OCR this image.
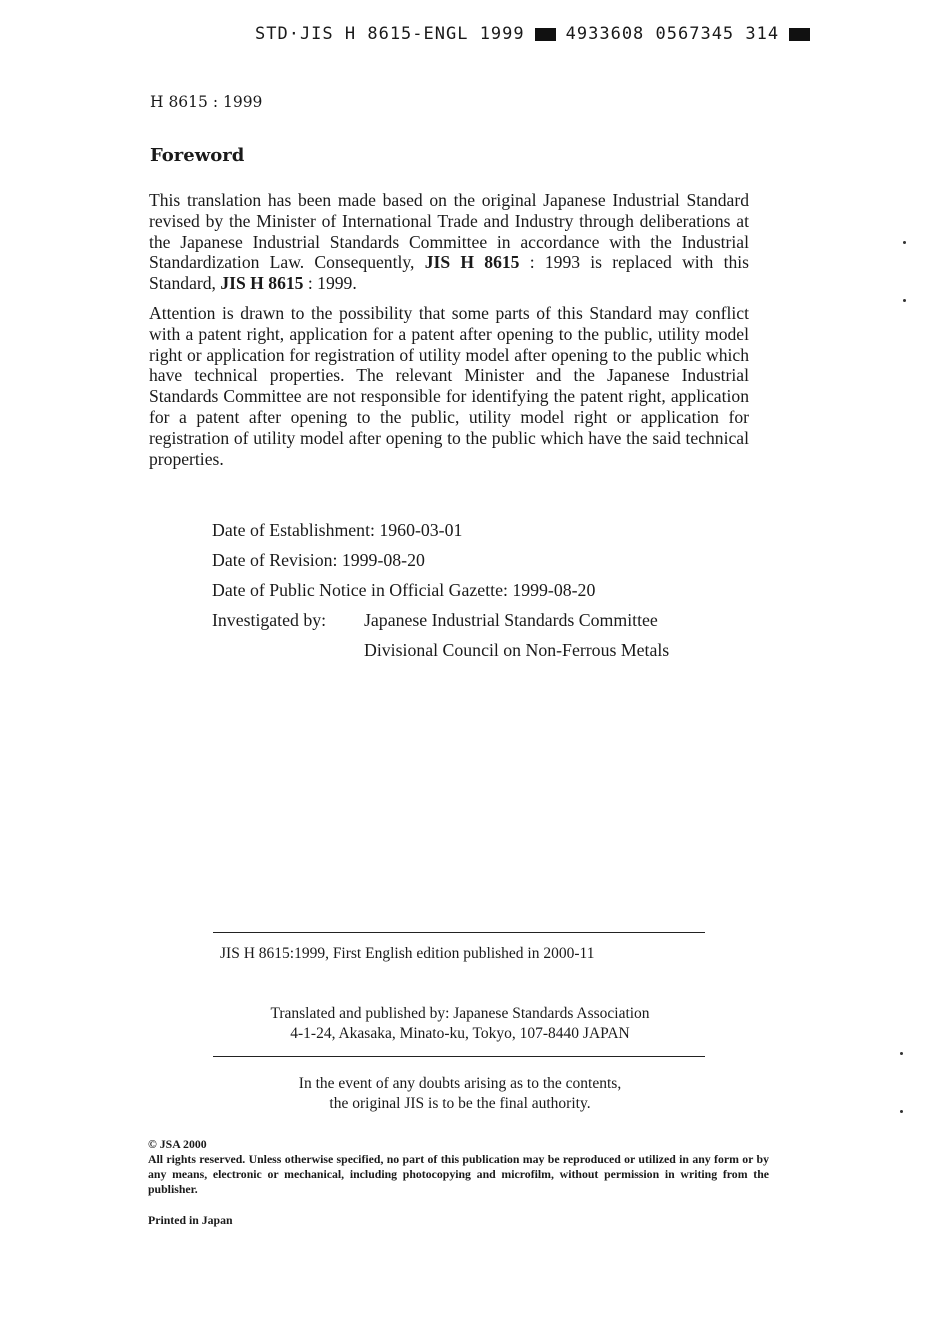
STD·JIS H 8615-ENGL 1999 4933608 0567345 314
H 8615 : 1999
Foreword

This translation has been made based on the original Japanese Industrial Standard revised by the Minister of International Trade and Industry through deliberations at the Japanese Industrial Standards Committee in accordance with the Industrial Standardization Law. Consequently, JIS H 8615 : 1993 is replaced with this Standard, JIS H 8615 : 1999.

Attention is drawn to the possibility that some parts of this Standard may conflict with a patent right, application for a patent after opening to the public, utility model right or application for registration of utility model after opening to the public which have technical properties. The relevant Minister and the Japanese Industrial Standards Committee are not responsible for identifying the patent right, application for a patent after opening to the public, utility model right or application for registration of utility model after opening to the public which have the said technical properties.

Date of Establishment: 1960-03-01
Date of Revision: 1999-08-20
Date of Public Notice in Official Gazette: 1999-08-20
Investigated by: Japanese Industrial Standards Committee
Divisional Council on Non-Ferrous Metals
JIS H 8615:1999, First English edition published in 2000-11
Translated and published by: Japanese Standards Association
4-1-24, Akasaka, Minato-ku, Tokyo, 107-8440 JAPAN
In the event of any doubts arising as to the contents,
the original JIS is to be the final authority.
© JSA 2000
All rights reserved. Unless otherwise specified, no part of this publication may be reproduced or utilized in any form or by any means, electronic or mechanical, including photocopying and microfilm, without permission in writing from the publisher.
Printed in Japan
